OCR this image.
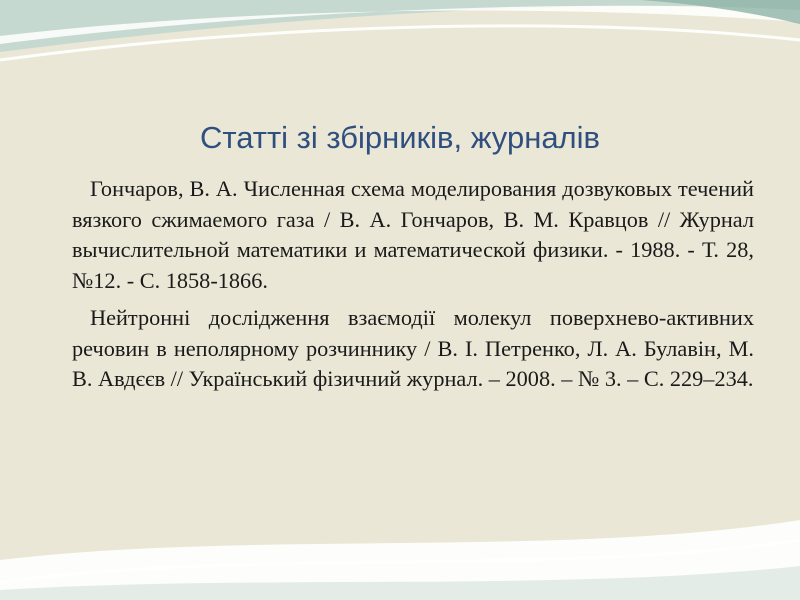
Статті зі збірників, журналів

Гончаров, В. А. Численная схема моделирования дозвуковых течений вязкого сжимаемого газа / В. А. Гончаров, В. М. Кравцов // Журнал вычислительной математики и математической физики. - 1988. - Т. 28, №12. - С. 1858-1866.

Нейтронні дослідження взаємодії молекул поверхнево-активних речовин в неполярному розчиннику / В. І. Петренко, Л. А. Булавін, М. В. Авдєєв // Український фізичний журнал. – 2008. – № 3. – С. 229–234.
